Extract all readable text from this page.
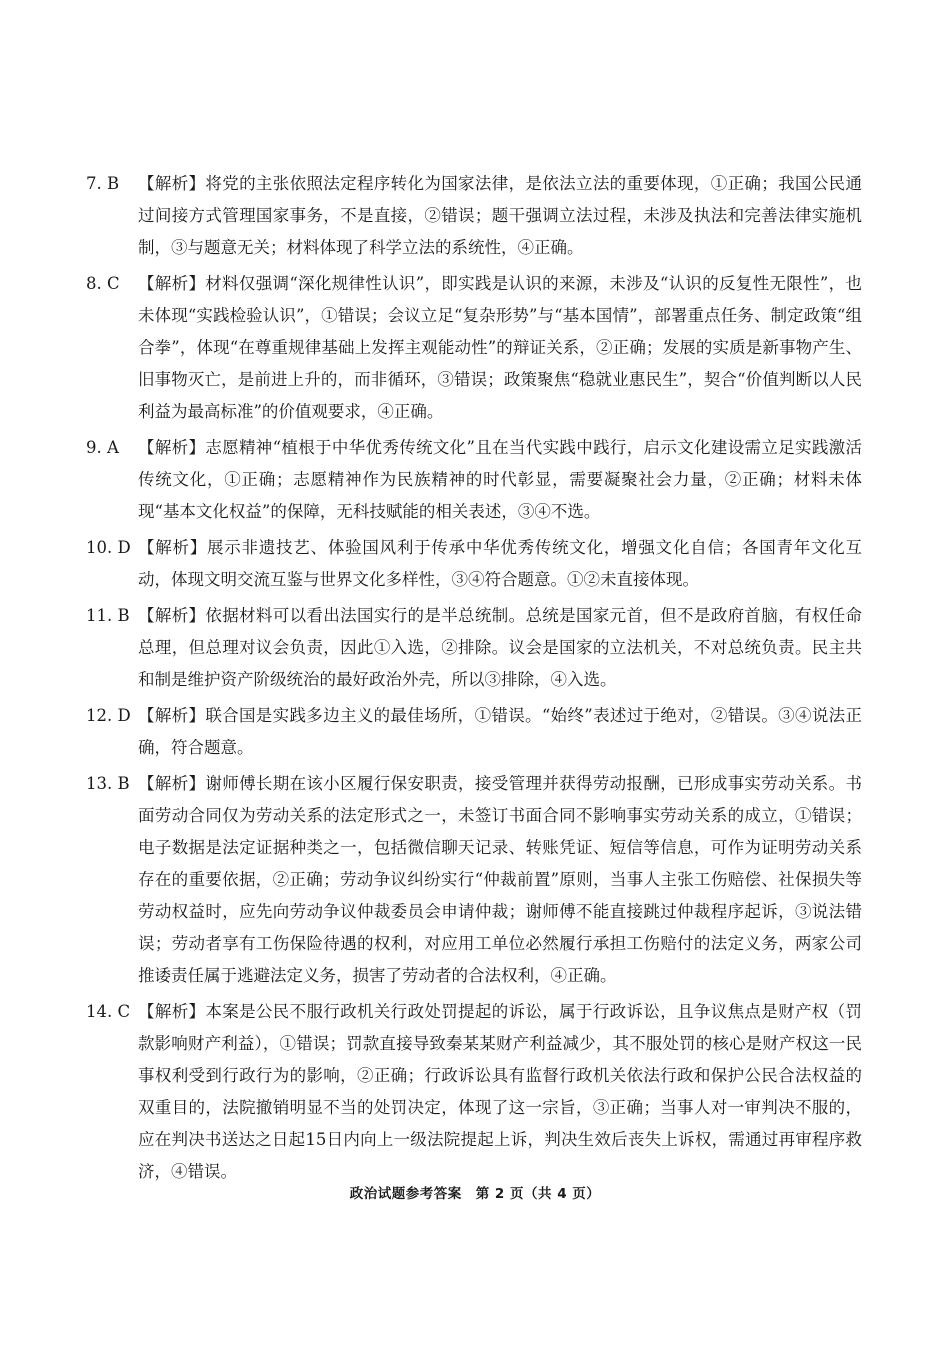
7. B	【解析】将党的主张依照法定程序转化为国家法律，是依法立法的重要体现，①正确；我国公民通过间接方式管理国家事务，不是直接，②错误；题干强调立法过程，未涉及执法和完善法律实施机制，③与题意无关；材料体现了科学立法的系统性，④正确。
8. C	【解析】材料仅强调“深化规律性认识”，即实践是认识的来源，未涉及“认识的反复性无限性”，也未体现“实践检验认识”，①错误；会议立足“复杂形势”与“基本国情”，部署重点任务、制定政策“组合拳”，体现“在尊重规律基础上发挥主观能动性”的辩证关系，②正确；发展的实质是新事物产生、旧事物灭亡，是前进上升的，而非循环，③错误；政策聚焦“稳就业惠民生”，契合“价值判断以人民利益为最高标准”的价值观要求，④正确。
9. A	【解析】志愿精神“植根于中华优秀传统文化”且在当代实践中践行，启示文化建设需立足实践激活传统文化，①正确；志愿精神作为民族精神的时代彰显，需要凝聚社会力量，②正确；材料未体现“基本文化权益”的保障，无科技赋能的相关表述，③④不选。
10. D 【解析】展示非遗技艺、体验国风利于传承中华优秀传统文化，增强文化自信；各国青年文化互动，体现文明交流互鉴与世界文化多样性，③④符合题意。①②未直接体现。
11. B 【解析】依据材料可以看出法国实行的是半总统制。总统是国家元首，但不是政府首脑，有权任命总理，但总理对议会负责，因此①入选，②排除。议会是国家的立法机关，不对总统负责。民主共和制是维护资产阶级统治的最好政治外壳，所以③排除，④入选。
12. D 【解析】联合国是实践多边主义的最佳场所，①错误。“始终”表述过于绝对，②错误。③④说法正确，符合题意。
13. B 【解析】谢师傅长期在该小区履行保安职责，接受管理并获得劳动报酬，已形成事实劳动关系。书面劳动合同仅为劳动关系的法定形式之一，未签订书面合同不影响事实劳动关系的成立，①错误；电子数据是法定证据种类之一，包括微信聊天记录、转账凭证、短信等信息，可作为证明劳动关系存在的重要依据，②正确；劳动争议纠纷实行“仲裁前置”原则，当事人主张工伤赔偿、社保损失等劳动权益时，应先向劳动争议仲裁委员会申请仲裁；谢师傅不能直接跳过仲裁程序起诉，③说法错误；劳动者享有工伤保险待遇的权利，对应用工单位必然履行承担工伤赔付的法定义务，两家公司推诿责任属于逃避法定义务，损害了劳动者的合法权利，④正确。
14. C 【解析】本案是公民不服行政机关行政处罚提起的诉讼，属于行政诉讼，且争议焦点是财产权（罚款影响财产利益），①错误；罚款直接导致秦某某财产利益减少，其不服处罚的核心是财产权这一民事权利受到行政行为的影响，②正确；行政诉讼具有监督行政机关依法行政和保护公民合法权益的双重目的，法院撤销明显不当的处罚决定，体现了这一宗旨，③正确；当事人对一审判决不服的，应在判决书送达之日起15日内向上一级法院提起上诉，判决生效后丧失上诉权，需通过再审程序救济，④错误。
政治试题参考答案　第 2 页（共 4 页）
